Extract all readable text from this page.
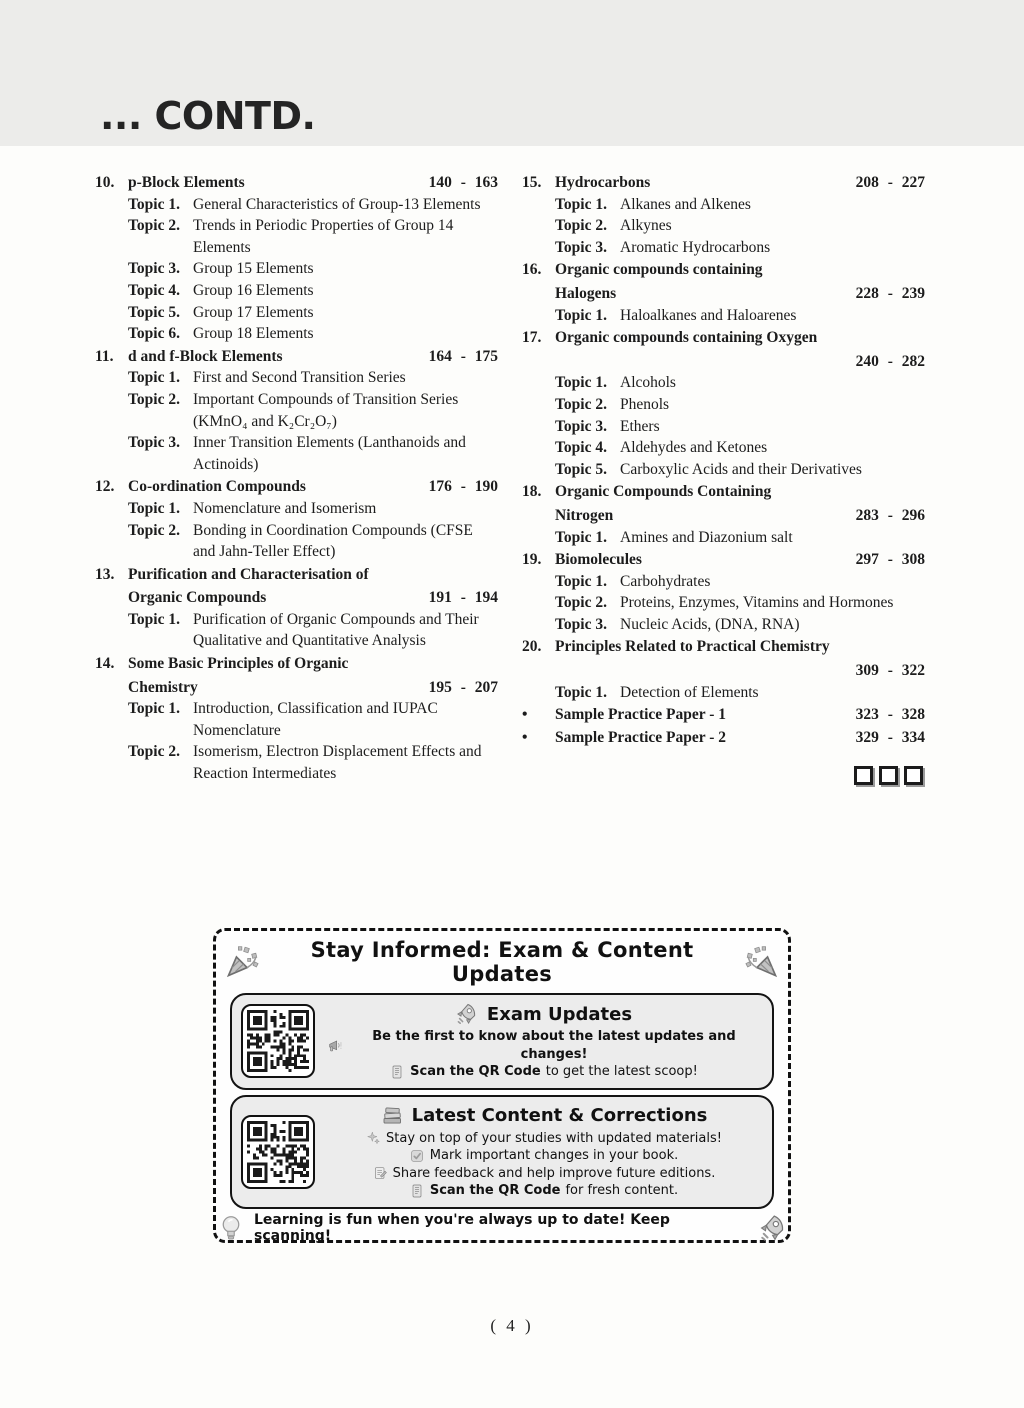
... CONTD.
10. p-Block Elements	140 - 163
Topic 1. General Characteristics of Group-13 Elements
Topic 2. Trends in Periodic Properties of Group 14 Elements
Topic 3. Group 15 Elements
Topic 4. Group 16 Elements
Topic 5. Group 17 Elements
Topic 6. Group 18 Elements
11. d and f-Block Elements	164 - 175
Topic 1. First and Second Transition Series
Topic 2. Important Compounds of Transition Series (KMnO₄ and K₂Cr₂O₇)
Topic 3. Inner Transition Elements (Lanthanoids and Actinoids)
12. Co-ordination Compounds	176 - 190
Topic 1. Nomenclature and Isomerism
Topic 2. Bonding in Coordination Compounds (CFSE and Jahn-Teller Effect)
13. Purification and Characterisation of
Organic Compounds	191 - 194
Topic 1. Purification of Organic Compounds and Their Qualitative and Quantitative Analysis
14. Some Basic Principles of Organic
Chemistry	195 - 207
Topic 1. Introduction, Classification and IUPAC Nomenclature
Topic 2. Isomerism, Electron Displacement Effects and Reaction Intermediates
15. Hydrocarbons	208 - 227
Topic 1. Alkanes and Alkenes
Topic 2. Alkynes
Topic 3. Aromatic Hydrocarbons
16. Organic compounds containing
Halogens	228 - 239
Topic 1. Haloalkanes and Haloarenes
17. Organic compounds containing Oxygen
240 - 282
Topic 1. Alcohols
Topic 2. Phenols
Topic 3. Ethers
Topic 4. Aldehydes and Ketones
Topic 5. Carboxylic Acids and their Derivatives
18. Organic Compounds Containing
Nitrogen	283 - 296
Topic 1. Amines and Diazonium salt
19. Biomolecules	297 - 308
Topic 1. Carbohydrates
Topic 2. Proteins, Enzymes, Vitamins and Hormones
Topic 3. Nucleic Acids, (DNA, RNA)
20. Principles Related to Practical Chemistry
309 - 322
Topic 1. Detection of Elements
•	Sample Practice Paper - 1	323 - 328
•	Sample Practice Paper - 2	329 - 334
Stay Informed: Exam & Content Updates
Exam Updates
Be the first to know about the latest updates and changes!
Scan the QR Code to get the latest scoop!
Latest Content & Corrections
Stay on top of your studies with updated materials!
Mark important changes in your book.
Share feedback and help improve future editions.
Scan the QR Code for fresh content.
Learning is fun when you're always up to date! Keep scanning!
( 4 )
